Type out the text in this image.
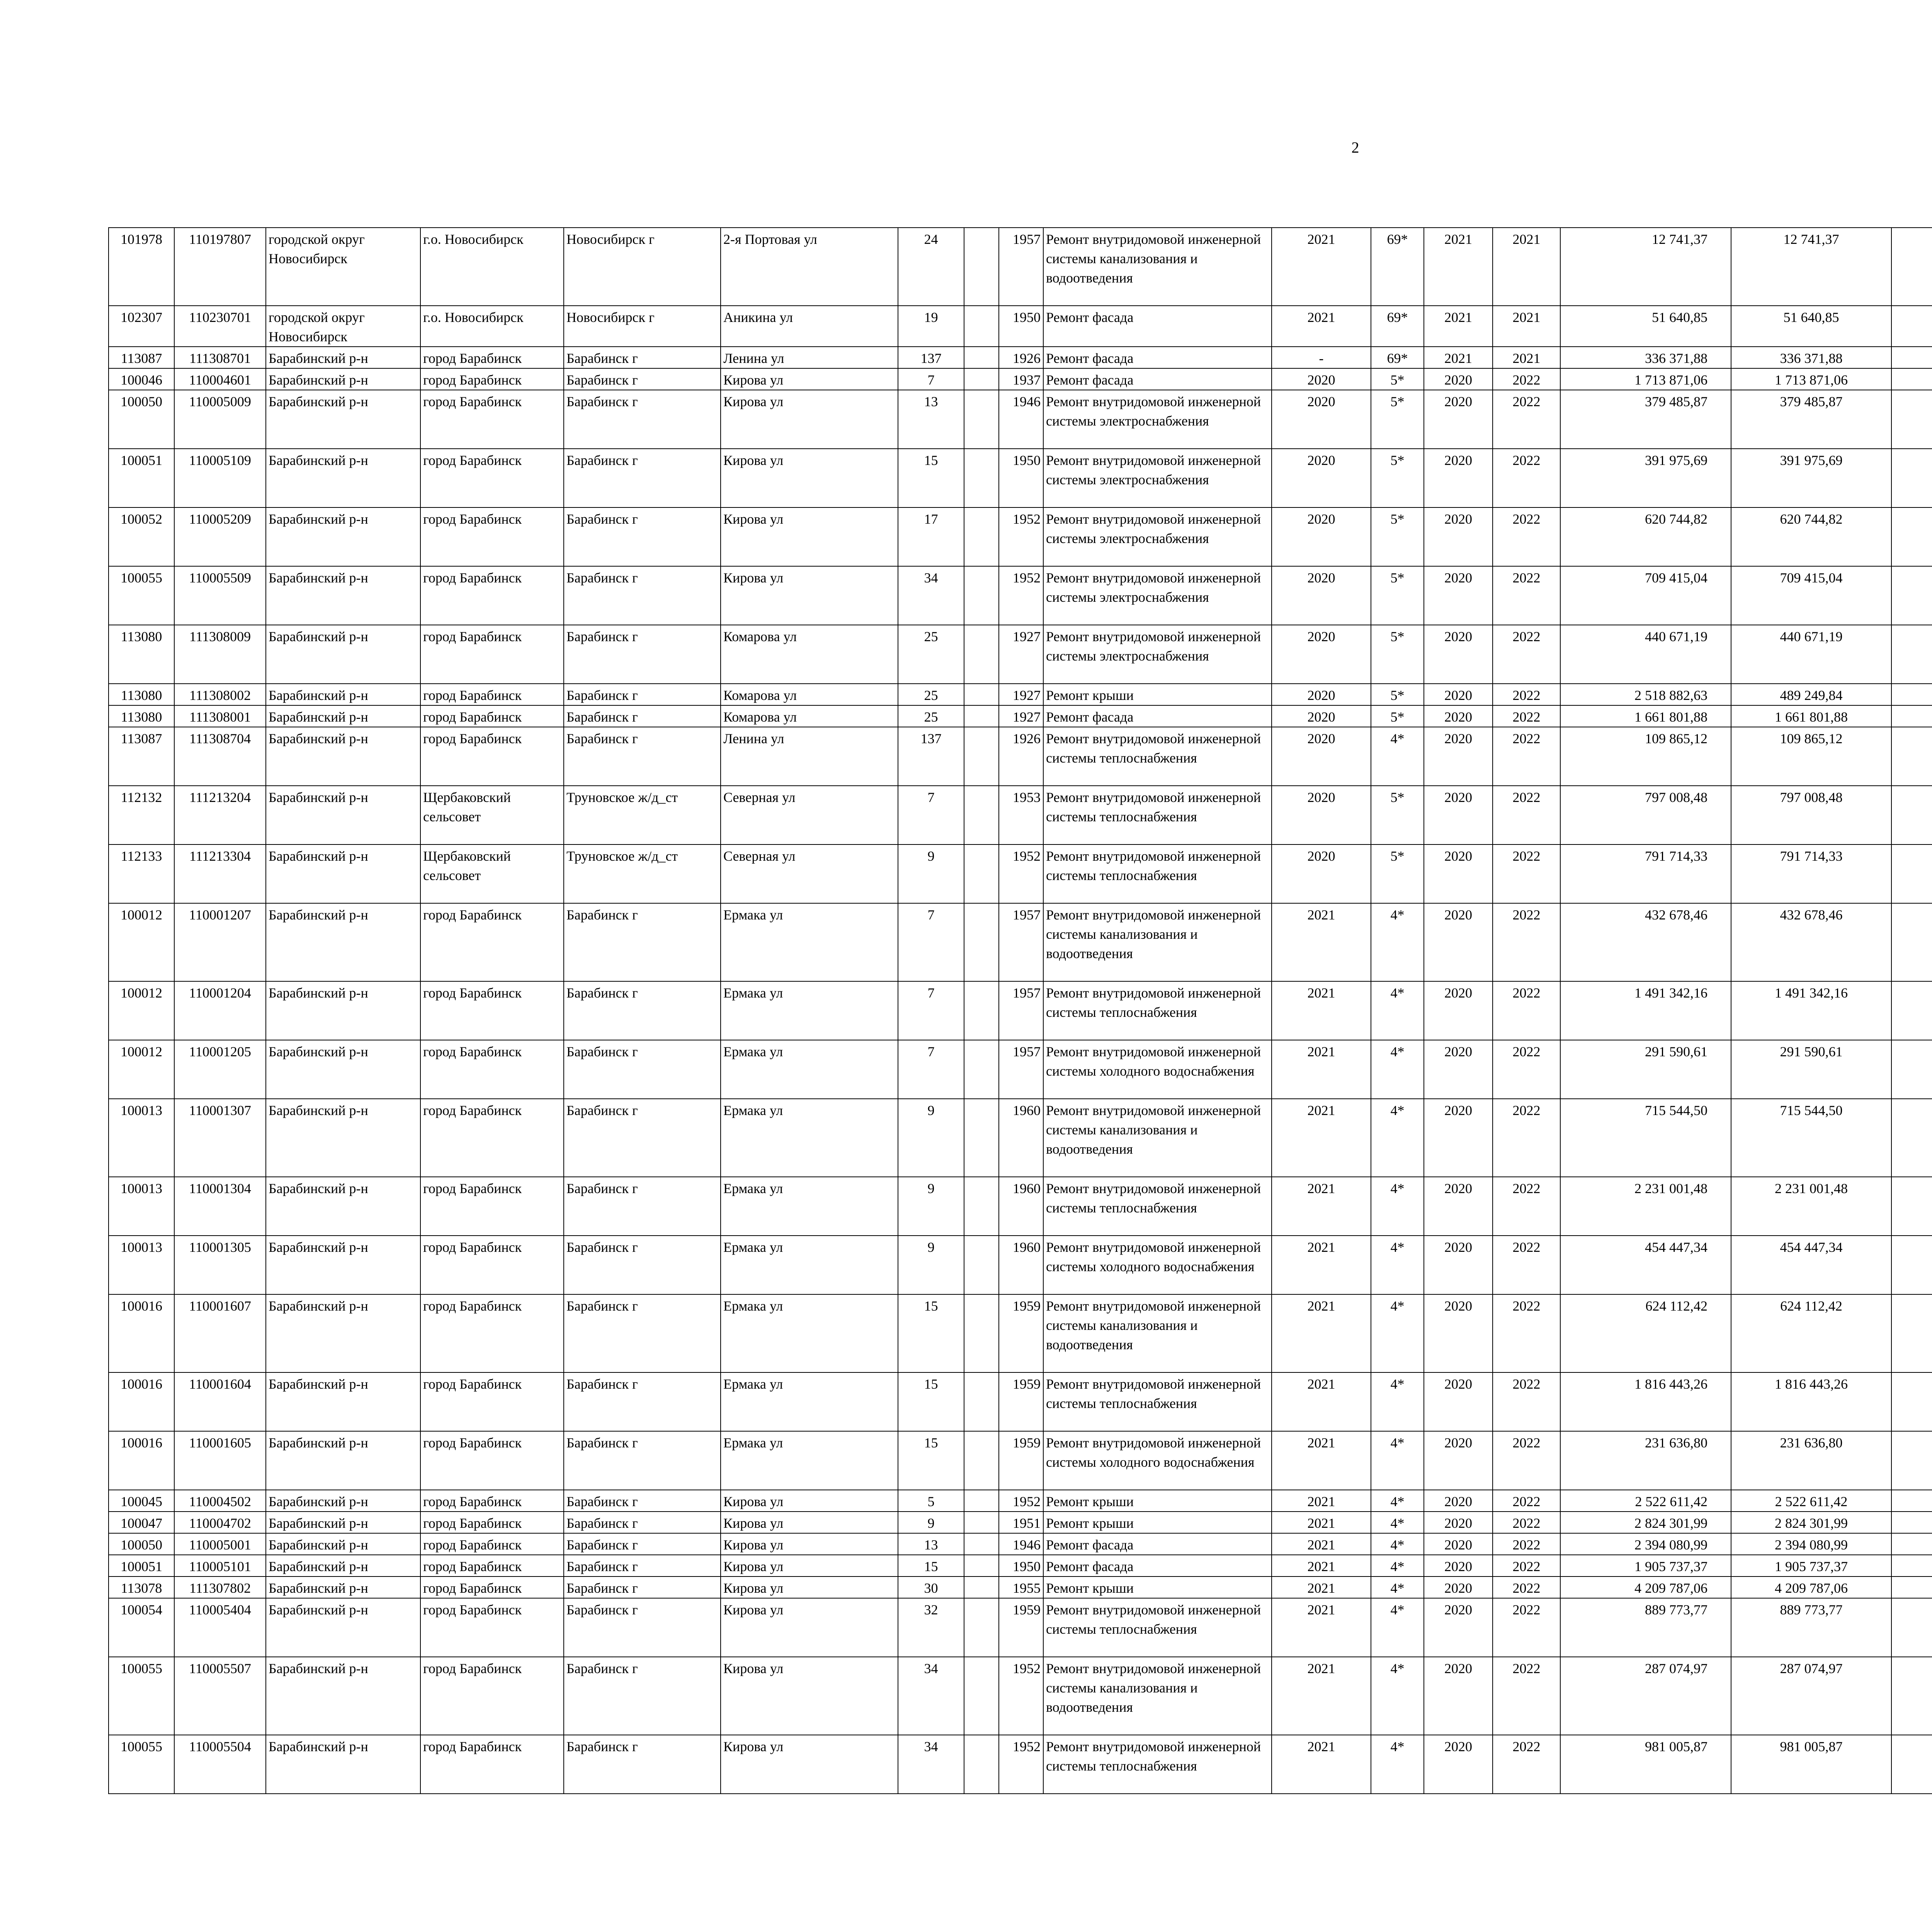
2
101978	110197807	городской округ Новосибирск	г.о. Новосибирск	Новосибирск г	2-я Портовая ул	24		1957	Ремонт внутридомовой инженерной системы канализования и водоотведения	2021	69*	2021	2021	12 741,37	12 741,37						
102307	110230701	городской округ Новосибирск	г.о. Новосибирск	Новосибирск г	Аникина ул	19		1950	Ремонт фасада	2021	69*	2021	2021	51 640,85	51 640,85						
113087	111308701	Барабинский р-н	город Барабинск	Барабинск г	Ленина ул	137		1926	Ремонт фасада	-	69*	2021	2021	336 371,88	336 371,88						
100046	110004601	Барабинский р-н	город Барабинск	Барабинск г	Кирова ул	7		1937	Ремонт фасада	2020	5*	2020	2022	1 713 871,06	1 713 871,06						
100050	110005009	Барабинский р-н	город Барабинск	Барабинск г	Кирова ул	13		1946	Ремонт внутридомовой инженерной системы электроснабжения	2020	5*	2020	2022	379 485,87	379 485,87						
100051	110005109	Барабинский р-н	город Барабинск	Барабинск г	Кирова ул	15		1950	Ремонт внутридомовой инженерной системы электроснабжения	2020	5*	2020	2022	391 975,69	391 975,69						
100052	110005209	Барабинский р-н	город Барабинск	Барабинск г	Кирова ул	17		1952	Ремонт внутридомовой инженерной системы электроснабжения	2020	5*	2020	2022	620 744,82	620 744,82						
100055	110005509	Барабинский р-н	город Барабинск	Барабинск г	Кирова ул	34		1952	Ремонт внутридомовой инженерной системы электроснабжения	2020	5*	2020	2022	709 415,04	709 415,04						
113080	111308009	Барабинский р-н	город Барабинск	Барабинск г	Комарова ул	25		1927	Ремонт внутридомовой инженерной системы электроснабжения	2020	5*	2020	2022	440 671,19	440 671,19						
113080	111308002	Барабинский р-н	город Барабинск	Барабинск г	Комарова ул	25		1927	Ремонт крыши	2020	5*	2020	2022	2 518 882,63	489 249,84						
113080	111308001	Барабинский р-н	город Барабинск	Барабинск г	Комарова ул	25		1927	Ремонт фасада	2020	5*	2020	2022	1 661 801,88	1 661 801,88						
113087	111308704	Барабинский р-н	город Барабинск	Барабинск г	Ленина ул	137		1926	Ремонт внутридомовой инженерной системы теплоснабжения	2020	4*	2020	2022	109 865,12	109 865,12						
112132	111213204	Барабинский р-н	Щербаковский сельсовет	Труновское ж/д_ст	Северная ул	7		1953	Ремонт внутридомовой инженерной системы теплоснабжения	2020	5*	2020	2022	797 008,48	797 008,48						
112133	111213304	Барабинский р-н	Щербаковский сельсовет	Труновское ж/д_ст	Северная ул	9		1952	Ремонт внутридомовой инженерной системы теплоснабжения	2020	5*	2020	2022	791 714,33	791 714,33						
100012	110001207	Барабинский р-н	город Барабинск	Барабинск г	Ермака ул	7		1957	Ремонт внутридомовой инженерной системы канализования и водоотведения	2021	4*	2020	2022	432 678,46	432 678,46						
100012	110001204	Барабинский р-н	город Барабинск	Барабинск г	Ермака ул	7		1957	Ремонт внутридомовой инженерной системы теплоснабжения	2021	4*	2020	2022	1 491 342,16	1 491 342,16						
100012	110001205	Барабинский р-н	город Барабинск	Барабинск г	Ермака ул	7		1957	Ремонт внутридомовой инженерной системы холодного водоснабжения	2021	4*	2020	2022	291 590,61	291 590,61						
100013	110001307	Барабинский р-н	город Барабинск	Барабинск г	Ермака ул	9		1960	Ремонт внутридомовой инженерной системы канализования и водоотведения	2021	4*	2020	2022	715 544,50	715 544,50						
100013	110001304	Барабинский р-н	город Барабинск	Барабинск г	Ермака ул	9		1960	Ремонт внутридомовой инженерной системы теплоснабжения	2021	4*	2020	2022	2 231 001,48	2 231 001,48						
100013	110001305	Барабинский р-н	город Барабинск	Барабинск г	Ермака ул	9		1960	Ремонт внутридомовой инженерной системы холодного водоснабжения	2021	4*	2020	2022	454 447,34	454 447,34						
100016	110001607	Барабинский р-н	город Барабинск	Барабинск г	Ермака ул	15		1959	Ремонт внутридомовой инженерной системы канализования и водоотведения	2021	4*	2020	2022	624 112,42	624 112,42						
100016	110001604	Барабинский р-н	город Барабинск	Барабинск г	Ермака ул	15		1959	Ремонт внутридомовой инженерной системы теплоснабжения	2021	4*	2020	2022	1 816 443,26	1 816 443,26						
100016	110001605	Барабинский р-н	город Барабинск	Барабинск г	Ермака ул	15		1959	Ремонт внутридомовой инженерной системы холодного водоснабжения	2021	4*	2020	2022	231 636,80	231 636,80						
100045	110004502	Барабинский р-н	город Барабинск	Барабинск г	Кирова ул	5		1952	Ремонт крыши	2021	4*	2020	2022	2 522 611,42	2 522 611,42						
100047	110004702	Барабинский р-н	город Барабинск	Барабинск г	Кирова ул	9		1951	Ремонт крыши	2021	4*	2020	2022	2 824 301,99	2 824 301,99						
100050	110005001	Барабинский р-н	город Барабинск	Барабинск г	Кирова ул	13		1946	Ремонт фасада	2021	4*	2020	2022	2 394 080,99	2 394 080,99						
100051	110005101	Барабинский р-н	город Барабинск	Барабинск г	Кирова ул	15		1950	Ремонт фасада	2021	4*	2020	2022	1 905 737,37	1 905 737,37						
113078	111307802	Барабинский р-н	город Барабинск	Барабинск г	Кирова ул	30		1955	Ремонт крыши	2021	4*	2020	2022	4 209 787,06	4 209 787,06						
100054	110005404	Барабинский р-н	город Барабинск	Барабинск г	Кирова ул	32		1959	Ремонт внутридомовой инженерной системы теплоснабжения	2021	4*	2020	2022	889 773,77	889 773,77						
100055	110005507	Барабинский р-н	город Барабинск	Барабинск г	Кирова ул	34		1952	Ремонт внутридомовой инженерной системы канализования и водоотведения	2021	4*	2020	2022	287 074,97	287 074,97						
100055	110005504	Барабинский р-н	город Барабинск	Барабинск г	Кирова ул	34		1952	Ремонт внутридомовой инженерной системы теплоснабжения	2021	4*	2020	2022	981 005,87	981 005,87						
